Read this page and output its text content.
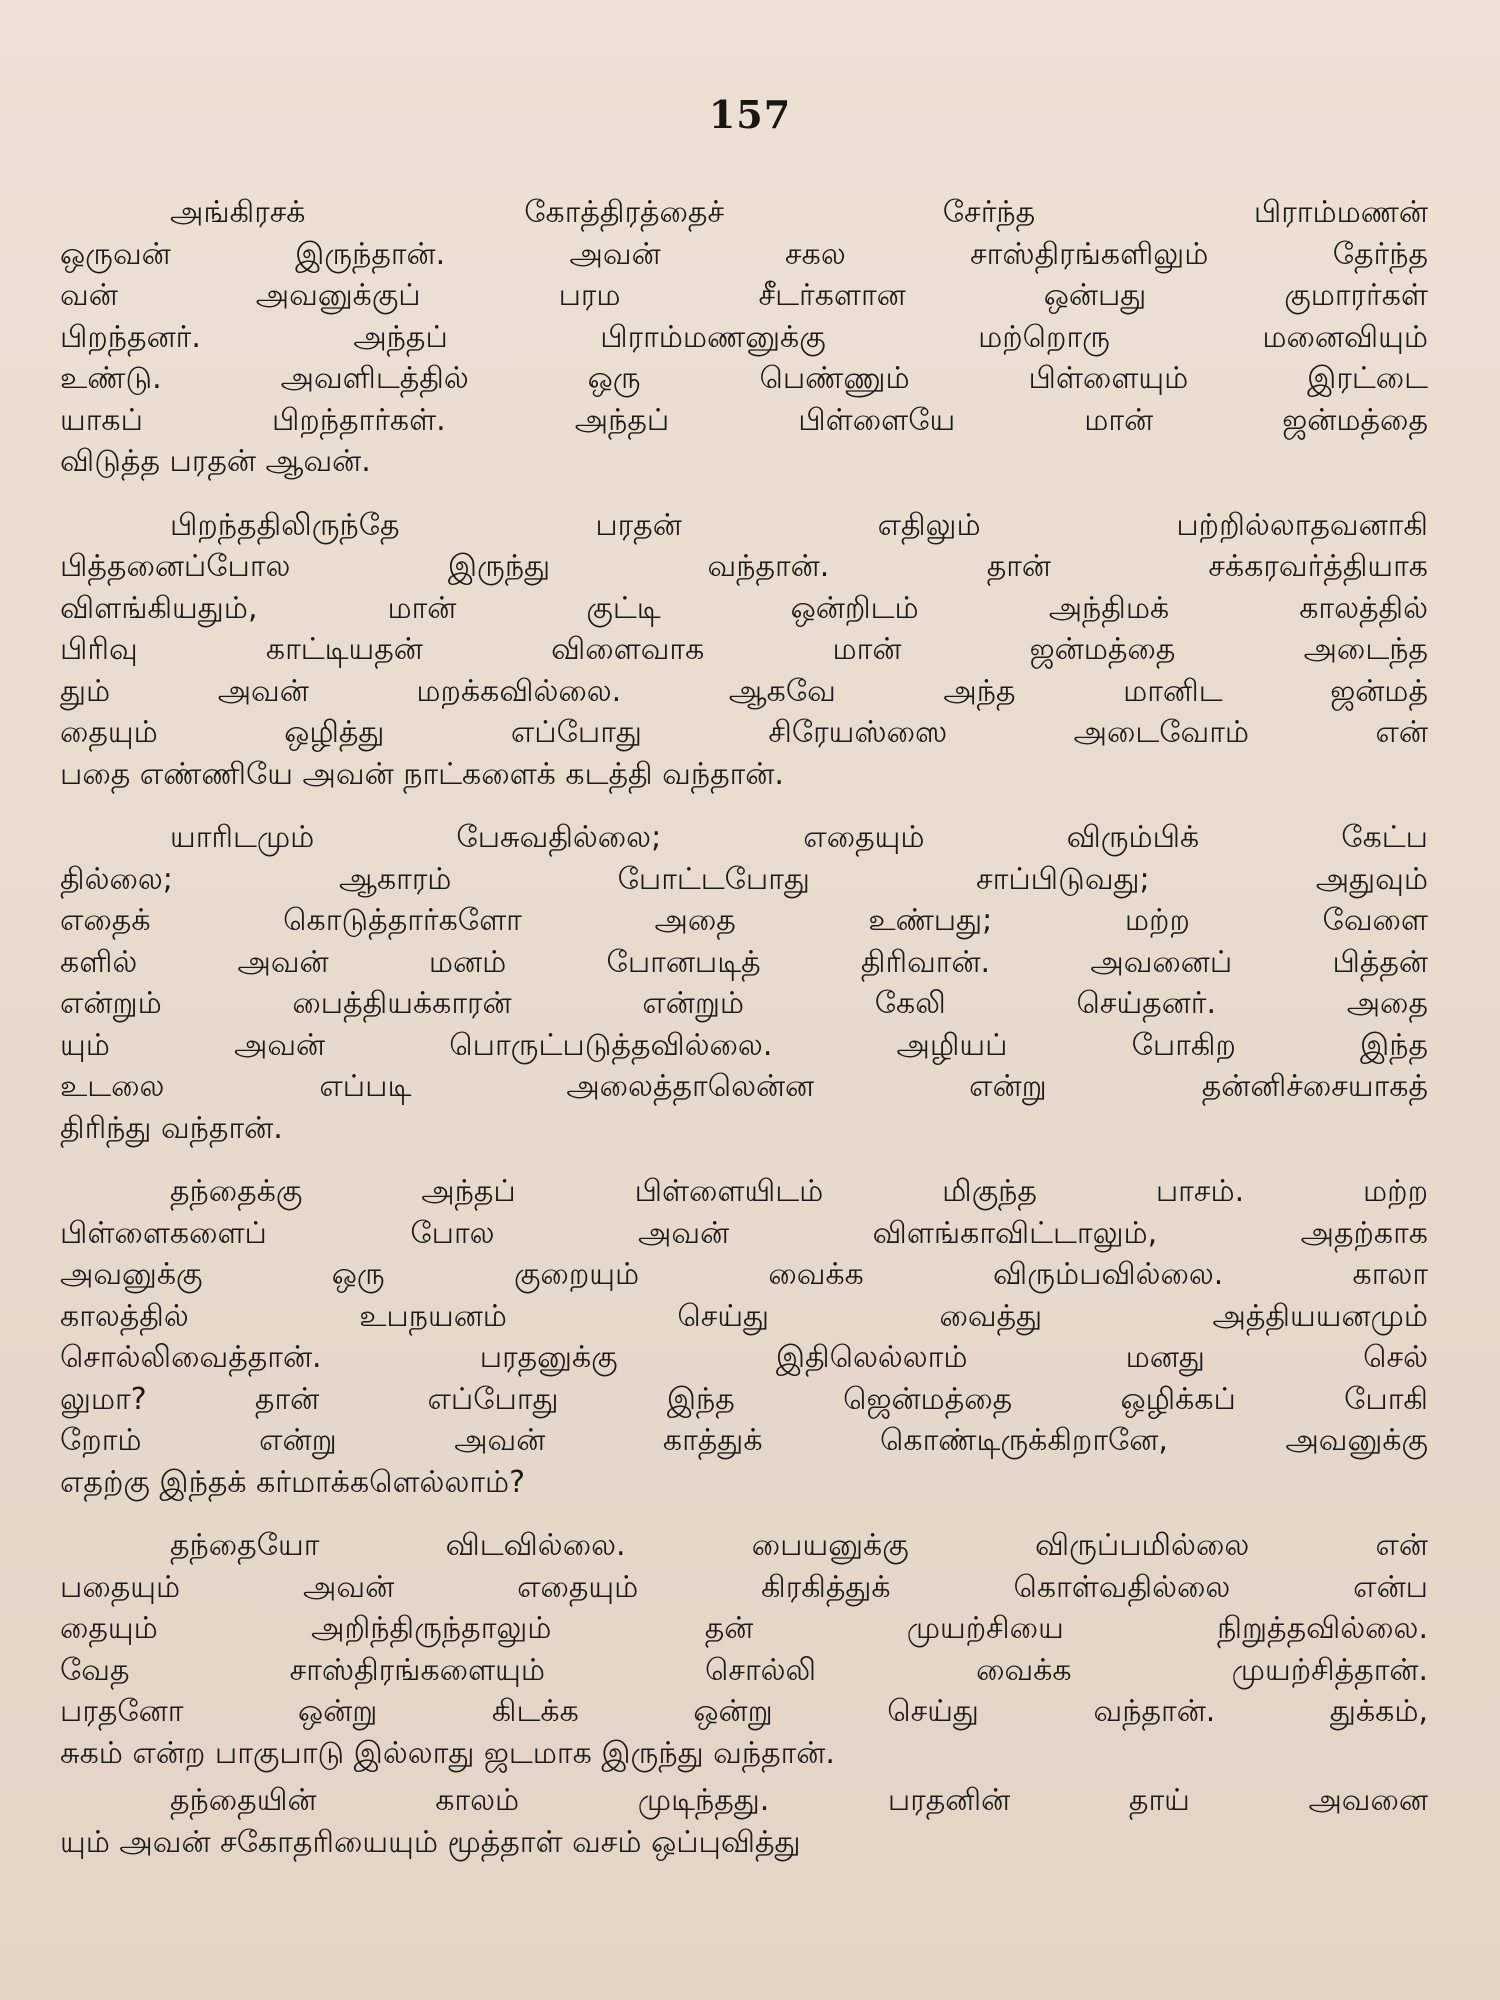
157
அங்கிரசக் கோத்திரத்தைச் சேர்ந்த பிராம்மணன்
ஒருவன் இருந்தான். அவன் சகல சாஸ்திரங்களிலும் தேர்ந்த
வன் அவனுக்குப் பரம சீடர்களான ஒன்பது குமாரர்கள்
பிறந்தனர். அந்தப் பிராம்மணனுக்கு மற்றொரு மனைவியும்
உண்டு. அவளிடத்தில் ஒரு பெண்ணும் பிள்ளையும் இரட்டை
யாகப் பிறந்தார்கள். அந்தப் பிள்ளையே மான் ஜன்மத்தை
விடுத்த பரதன் ஆவன்.
பிறந்ததிலிருந்தே பரதன் எதிலும் பற்றில்லாதவனாகி
பித்தனைப்போல இருந்து வந்தான். தான் சக்கரவர்த்தியாக
விளங்கியதும், மான் குட்டி ஒன்றிடம் அந்திமக் காலத்தில்
பிரிவு காட்டியதன் விளைவாக மான் ஜன்மத்தை அடைந்த
தும் அவன் மறக்கவில்லை. ஆகவே அந்த மானிட ஜன்மத்
தையும் ஒழித்து எப்போது சிரேயஸ்ஸை அடைவோம் என்
பதை எண்ணியே அவன் நாட்களைக் கடத்தி வந்தான்.
யாரிடமும் பேசுவதில்லை; எதையும் விரும்பிக் கேட்ப
தில்லை; ஆகாரம் போட்டபோது சாப்பிடுவது; அதுவும்
எதைக் கொடுத்தார்களோ அதை உண்பது; மற்ற வேளை
களில் அவன் மனம் போனபடித் திரிவான். அவனைப் பித்தன்
என்றும் பைத்தியக்காரன் என்றும் கேலி செய்தனர். அதை
யும் அவன் பொருட்படுத்தவில்லை. அழியப் போகிற இந்த
உடலை எப்படி அலைத்தாலென்ன என்று தன்னிச்சையாகத்
திரிந்து வந்தான்.
தந்தைக்கு அந்தப் பிள்ளையிடம் மிகுந்த பாசம். மற்ற
பிள்ளைகளைப் போல அவன் விளங்காவிட்டாலும், அதற்காக
அவனுக்கு ஒரு குறையும் வைக்க விரும்பவில்லை. காலா
காலத்தில் உபநயனம் செய்து வைத்து அத்தியயனமும்
சொல்லிவைத்தான். பரதனுக்கு இதிலெல்லாம் மனது செல்
லுமா? தான் எப்போது இந்த ஜென்மத்தை ஒழிக்கப் போகி
றோம் என்று அவன் காத்துக் கொண்டிருக்கிறானே, அவனுக்கு
எதற்கு இந்தக் கர்மாக்களெல்லாம்?
தந்தையோ விடவில்லை. பையனுக்கு விருப்பமில்லை என்
பதையும் அவன் எதையும் கிரகித்துக் கொள்வதில்லை என்ப
தையும் அறிந்திருந்தாலும் தன் முயற்சியை நிறுத்தவில்லை.
வேத சாஸ்திரங்களையும் சொல்லி வைக்க முயற்சித்தான்.
பரதனோ ஒன்று கிடக்க ஒன்று செய்து வந்தான். துக்கம்,
சுகம் என்ற பாகுபாடு இல்லாது ஜடமாக இருந்து வந்தான்.
தந்தையின் காலம் முடிந்தது. பரதனின் தாய் அவனை
யும் அவன் சகோதரியையும் மூத்தாள் வசம் ஒப்புவித்து
